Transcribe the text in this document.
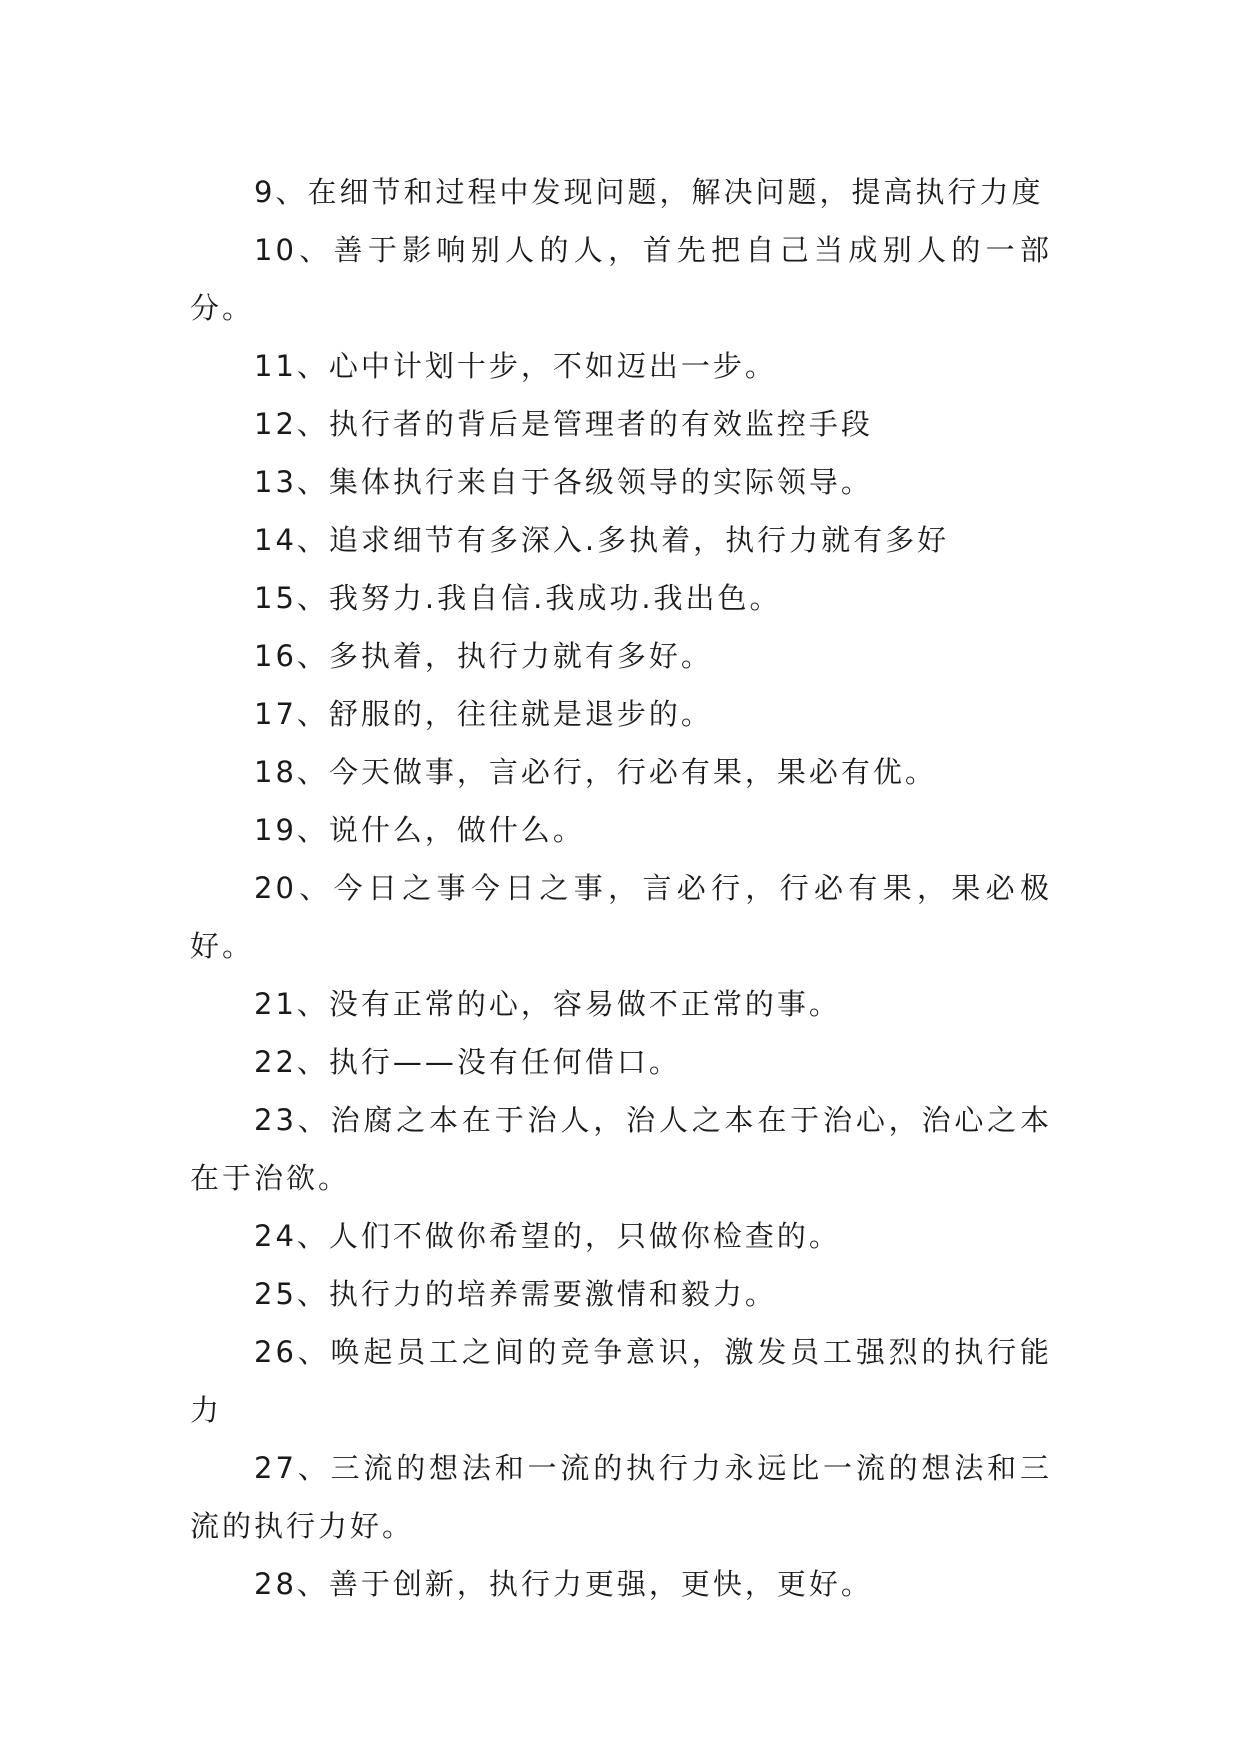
9、在细节和过程中发现问题，解决问题，提高执行力度

10、善于影响别人的人，首先把自己当成别人的一部分。

11、心中计划十步，不如迈出一步。

12、执行者的背后是管理者的有效监控手段

13、集体执行来自于各级领导的实际领导。

14、追求细节有多深入.多执着，执行力就有多好

15、我努力.我自信.我成功.我出色。

16、多执着，执行力就有多好。

17、舒服的，往往就是退步的。

18、今天做事，言必行，行必有果，果必有优。

19、说什么，做什么。

20、今日之事今日之事，言必行，行必有果，果必极好。

21、没有正常的心，容易做不正常的事。

22、执行——没有任何借口。

23、治腐之本在于治人，治人之本在于治心，治心之本在于治欲。

24、人们不做你希望的，只做你检查的。

25、执行力的培养需要激情和毅力。

26、唤起员工之间的竞争意识，激发员工强烈的执行能力

27、三流的想法和一流的执行力永远比一流的想法和三流的执行力好。

28、善于创新，执行力更强，更快，更好。
